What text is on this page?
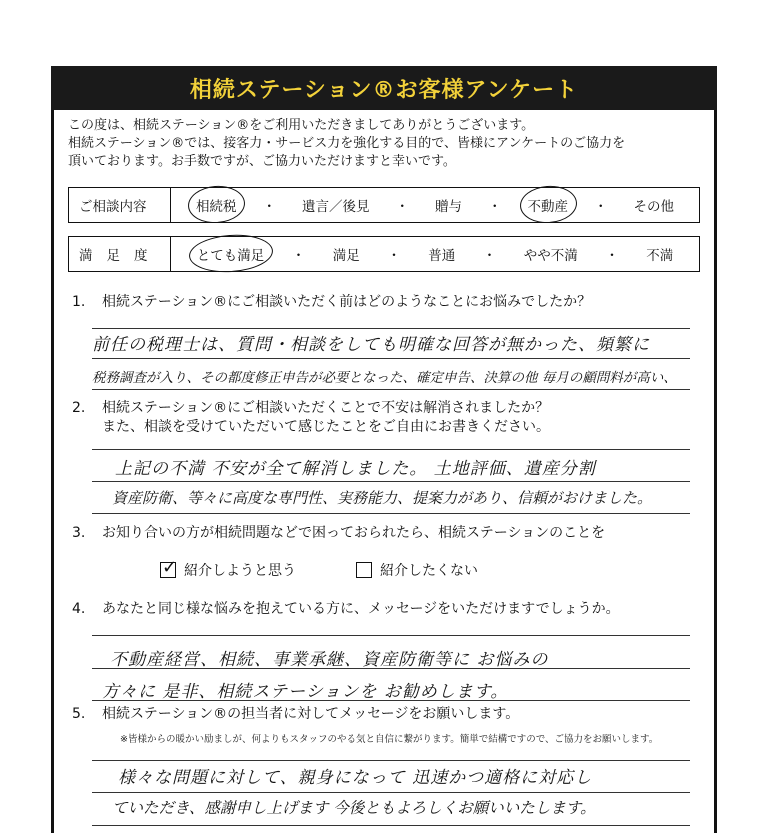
相続ステーション®お客様アンケート

この度は、相続ステーション®をご利用いただきましてありがとうございます。

相続ステーション®では、接客力・サービス力を強化する目的で、皆様にアンケートのご協力を

頂いております。お手数ですが、ご協力いただけますと幸いです。

ご相談内容	相続税 ・ 遺言／後見 ・ 贈与 ・ 不動産 ・ その他
満足度	とても満足 ・ 満足 ・ 普通 ・ やや不満 ・ 不満
1. 相続ステーション®にご相談いただく前はどのようなことにお悩みでしたか？
前任の税理士は、質問・相談をしても明確な回答が無かった、頻繁に
税務調査が入り、その都度修正申告が必要となった、確定申告、決算の他 毎月の顧問料が高い、
2. 相続ステーション®にご相談いただくことで不安は解消されましたか？
また、相談を受けていただいて感じたことをご自由にお書きください。
上記の不満 不安が全て解消しました。 土地評価、遺産分割
資産防衛、等々に高度な専門性、実務能力、提案力があり、信頼がおけました。
3. お知り合いの方が相続問題などで困っておられたら、相続ステーションのことを
✓
紹介しようと思う	紹介したくない
4. あなたと同じ様な悩みを抱えている方に、メッセージをいただけますでしょうか。
不動産経営、相続、事業承継、資産防衛等に お悩みの
方々に 是非、相続ステーションを お勧めします。
5. 相続ステーション®の担当者に対してメッセージをお願いします。
※皆様からの暖かい励ましが、何よりもスタッフのやる気と自信に繋がります。簡単で結構ですので、ご協力をお願いします。
様々な問題に対して、親身になって 迅速かつ適格に対応し
ていただき、感謝申し上げます 今後ともよろしくお願いいたします。
